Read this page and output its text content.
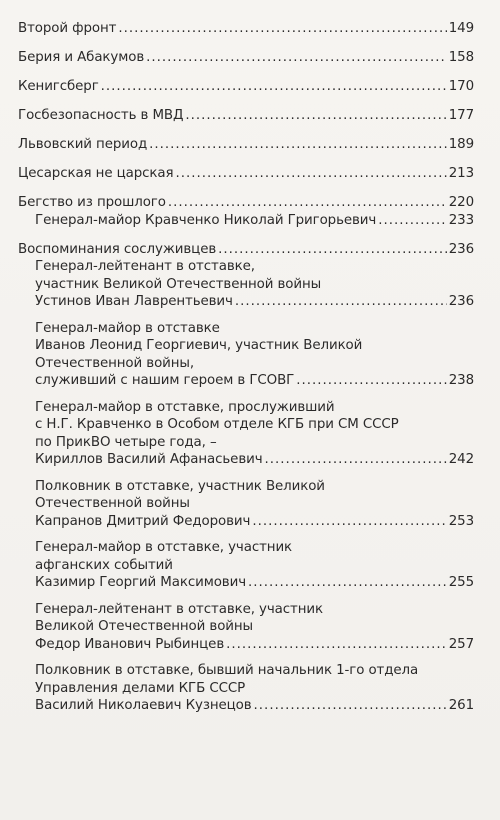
Второй фронт .....	149
Берия и Абакумов .....	158
Кенигсберг .....	170
Госбезопасность в МВД .....	177
Львовский период .....	189
Цесарская не царская .....	213
Бегство из прошлого .....	220
Генерал-майор Кравченко Николай Григорьевич .....	233
Воспоминания сослуживцев .....	236
Генерал-лейтенант в отставке,
участник Великой Отечественной войны
Устинов Иван Лаврентьевич .....	236
Генерал-майор в отставке
Иванов Леонид Георгиевич, участник Великой
Отечественной войны,
служивший с нашим героем в ГСОВГ .....	238
Генерал-майор в отставке, прослуживший
с Н.Г. Кравченко в Особом отделе КГБ при СМ СССР
по ПрикВО четыре года, –
Кириллов Василий Афанасьевич .....	242
Полковник в отставке, участник Великой
Отечественной войны
Капранов Дмитрий Федорович .....	253
Генерал-майор в отставке, участник
афганских событий
Казимир Георгий Максимович .....	255
Генерал-лейтенант в отставке, участник
Великой Отечественной войны
Федор Иванович Рыбинцев .....	257
Полковник в отставке, бывший начальник 1-го отдела
Управления делами КГБ СССР
Василий Николаевич Кузнецов .....	261
